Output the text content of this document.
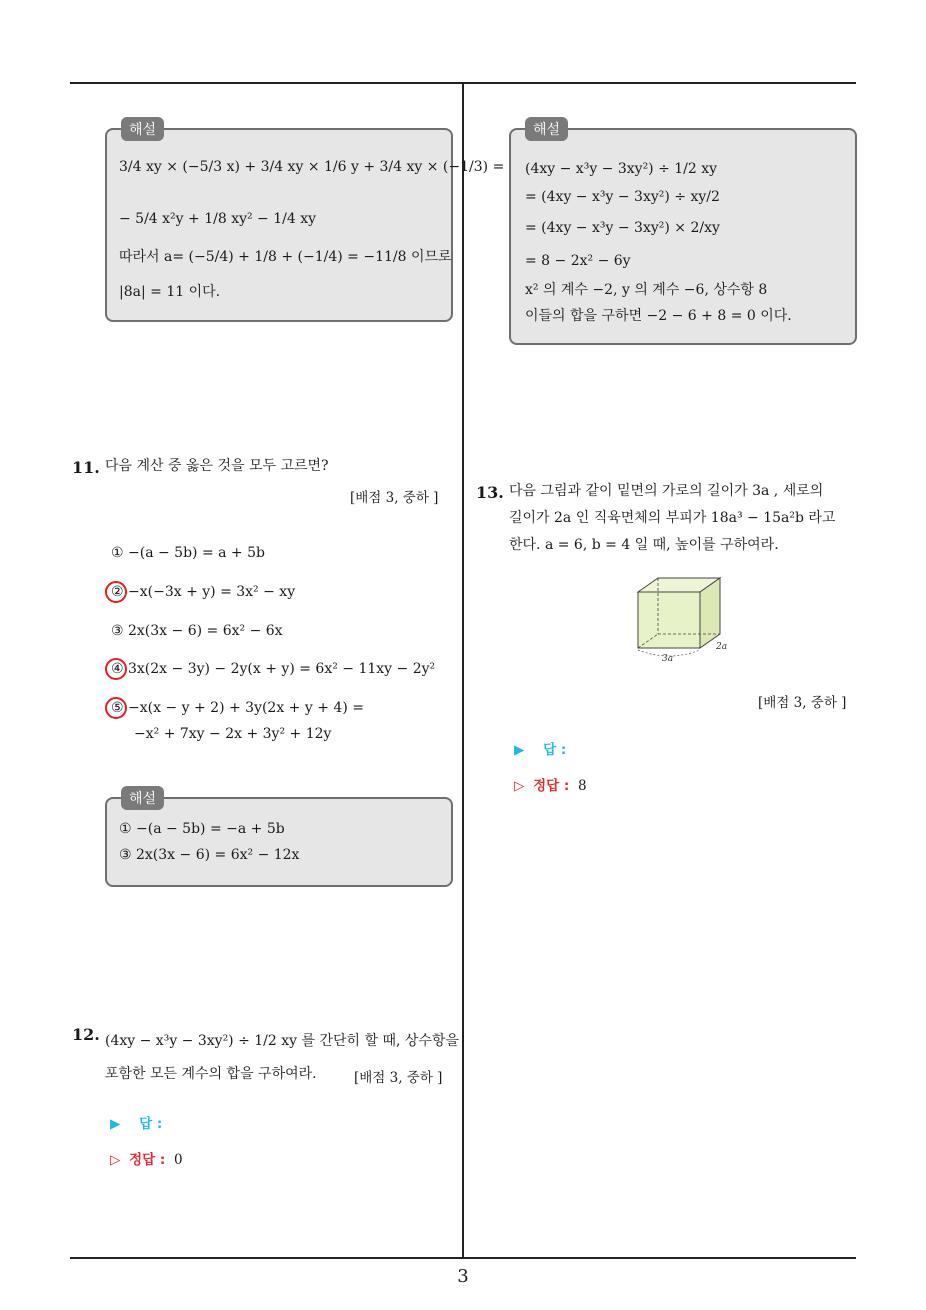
해설
3/4 xy × (−5/3 x) + 3/4 xy × 1/6 y + 3/4 xy × (−1/3) =
− 5/4 x²y + 1/8 xy² − 1/4 xy
따라서 a= (−5/4) + 1/8 + (−1/4) = −11/8 이므로
|8a| = 11 이다.
해설
(4xy − x³y − 3xy²) ÷ 1/2 xy
= (4xy − x³y − 3xy²) ÷ xy/2
= (4xy − x³y − 3xy²) × 2/xy
= 8 − 2x² − 6y
x² 의 계수 −2, y 의 계수 −6, 상수항 8
이들의 합을 구하면 −2 − 6 + 8 = 0 이다.
11. 다음 계산 중 옳은 것을 모두 고르면?
[배점 3, 중하 ]
① −(a − 5b) = a + 5b
② −x(−3x + y) = 3x² − xy
③ 2x(3x − 6) = 6x² − 6x
④ 3x(2x − 3y) − 2y(x + y) = 6x² − 11xy − 2y²
⑤ −x(x − y + 2) + 3y(2x + y + 4) =
−x² + 7xy − 2x + 3y² + 12y
해설
① −(a − 5b) = −a + 5b
③ 2x(3x − 6) = 6x² − 12x
12. (4xy − x³y − 3xy²) ÷ 1/2 xy 를 간단히 할 때, 상수항을
포함한 모든 계수의 합을 구하여라.	[배점 3, 중하 ]
▶ 답 :
▷ 정답 : 0
13. 다음 그림과 같이 밑면의 가로의 길이가 3a , 세로의
길이가 2a 인 직육면체의 부피가 18a³ − 15a²b 라고
한다. a = 6, b = 4 일 때, 높이를 구하여라.
3a
2a
[배점 3, 중하 ]
▶ 답 :
▷ 정답 : 8
3
